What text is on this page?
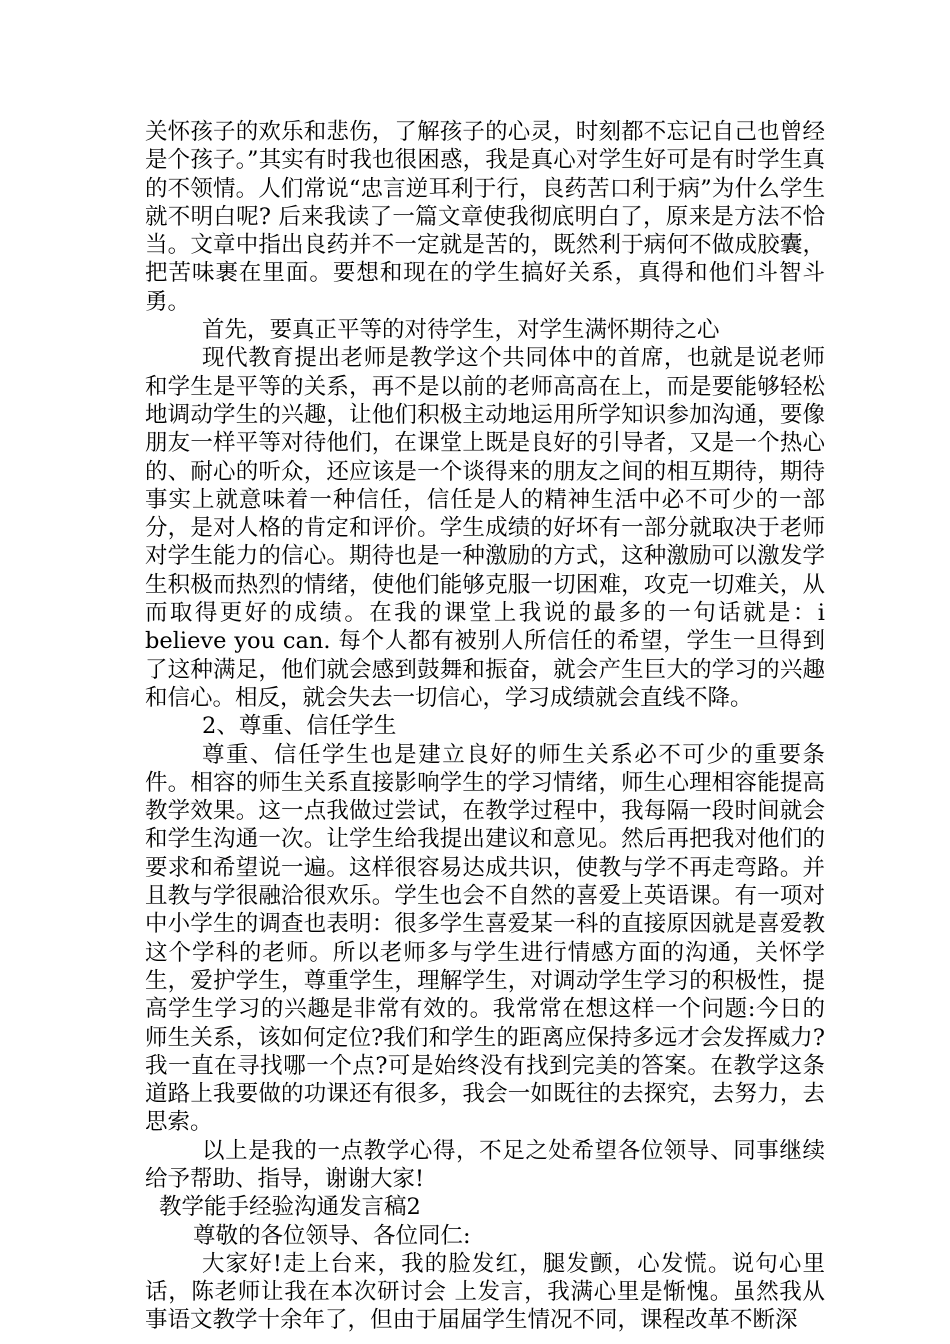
关怀孩子的欢乐和悲伤，了解孩子的心灵，时刻都不忘记自己也曾经是个孩子。”其实有时我也很困惑，我是真心对学生好可是有时学生真的不领情。人们常说“忠言逆耳利于行，良药苦口利于病”为什么学生就不明白呢? 后来我读了一篇文章使我彻底明白了，原来是方法不恰当。文章中指出良药并不一定就是苦的，既然利于病何不做成胶囊，把苦味裹在里面。要想和现在的学生搞好关系，真得和他们斗智斗勇。

首先，要真正平等的对待学生，对学生满怀期待之心

现代教育提出老师是教学这个共同体中的首席，也就是说老师和学生是平等的关系，再不是以前的老师高高在上，而是要能够轻松地调动学生的兴趣，让他们积极主动地运用所学知识参加沟通，要像朋友一样平等对待他们，在课堂上既是良好的引导者，又是一个热心的、耐心的听众，还应该是一个谈得来的朋友之间的相互期待，期待事实上就意味着一种信任，信任是人的精神生活中必不可少的一部分，是对人格的肯定和评价。学生成绩的好坏有一部分就取决于老师对学生能力的信心。期待也是一种激励的方式，这种激励可以激发学生积极而热烈的情绪，使他们能够克服一切困难，攻克一切难关，从而取得更好的成绩。在我的课堂上我说的最多的一句话就是：i believe you can. 每个人都有被别人所信任的希望，学生一旦得到了这种满足，他们就会感到鼓舞和振奋，就会产生巨大的学习的兴趣和信心。相反，就会失去一切信心，学习成绩就会直线不降。

2、尊重、信任学生

尊重、信任学生也是建立良好的师生关系必不可少的重要条件。相容的师生关系直接影响学生的学习情绪，师生心理相容能提高教学效果。这一点我做过尝试，在教学过程中，我每隔一段时间就会和学生沟通一次。让学生给我提出建议和意见。然后再把我对他们的要求和希望说一遍。这样很容易达成共识，使教与学不再走弯路。并且教与学很融洽很欢乐。学生也会不自然的喜爱上英语课。有一项对中小学生的调查也表明：很多学生喜爱某一科的直接原因就是喜爱教这个学科的老师。所以老师多与学生进行情感方面的沟通，关怀学生，爱护学生，尊重学生，理解学生，对调动学生学习的积极性，提高学生学习的兴趣是非常有效的。我常常在想这样一个问题:今日的师生关系，该如何定位?我们和学生的距离应保持多远才会发挥威力?我一直在寻找哪一个点?可是始终没有找到完美的答案。在教学这条道路上我要做的功课还有很多，我会一如既往的去探究，去努力，去思索。

以上是我的一点教学心得，不足之处希望各位领导、同事继续给予帮助、指导，谢谢大家!

教学能手经验沟通发言稿2

尊敬的各位领导、各位同仁:

大家好!走上台来，我的脸发红，腿发颤，心发慌。说句心里话，陈老师让我在本次研讨会 上发言，我满心里是惭愧。虽然我从事语文教学十余年了，但由于届届学生情况不同，课程改革不断深
